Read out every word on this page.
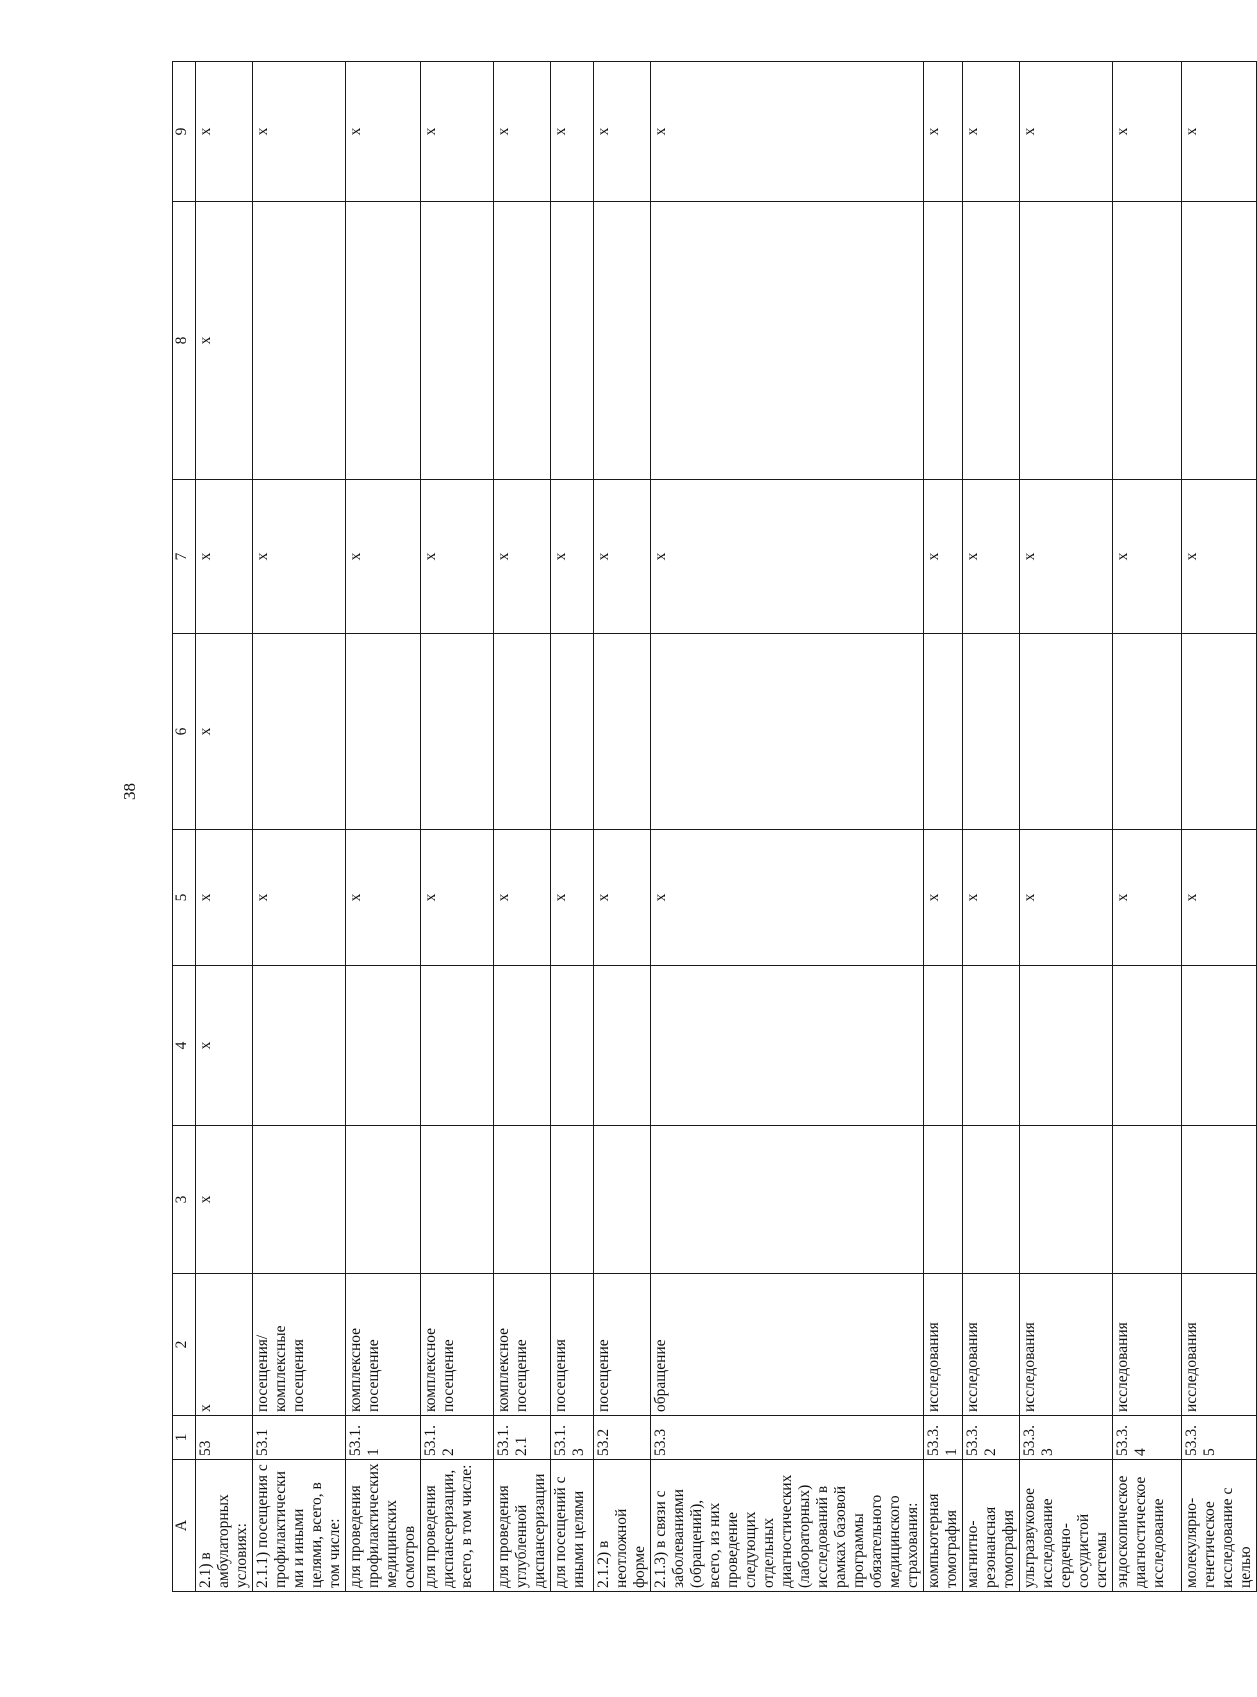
38
А	1	2	3	4	5	6	7	8	9
2.1) в амбулаторных условиях:	53	х	х	х	х	х	х	х	х
2.1.1) посещения с профилактическими и иными целями, всего, в том числе:	53.1	посещения/комплексные посещения			х		х		х
для проведения профилактических медицинских осмотров	53.1.1	комплексное посещение			х		х		х
для проведения диспансеризации, всего, в том числе:	53.1.2	комплексное посещение			х		х		х
для проведения углубленной диспансеризации	53.1.2.1	комплексное посещение			х		х		х
для посещений с иными целями	53.1.3	посещения			х		х		х
2.1.2) в неотложной форме	53.2	посещение			х		х		х
2.1.3) в связи с заболеваниями (обращений), всего, из них проведение следующих отдельных диагностических (лабораторных) исследований в рамках базовой программы обязательного медицинского страхования:	53.3	обращение			х		х		х
компьютерная томография	53.3.1	исследования			х		х		х
магнитно-резонансная томография	53.3.2	исследования			х		х		х
ультразвуковое исследование сердечно-сосудистой системы	53.3.3	исследования			х		х		х
эндоскопическое диагностическое исследование	53.3.4	исследования			х		х		х
молекулярно-генетическое исследование с целью	53.3.5	исследования			х		х		х
